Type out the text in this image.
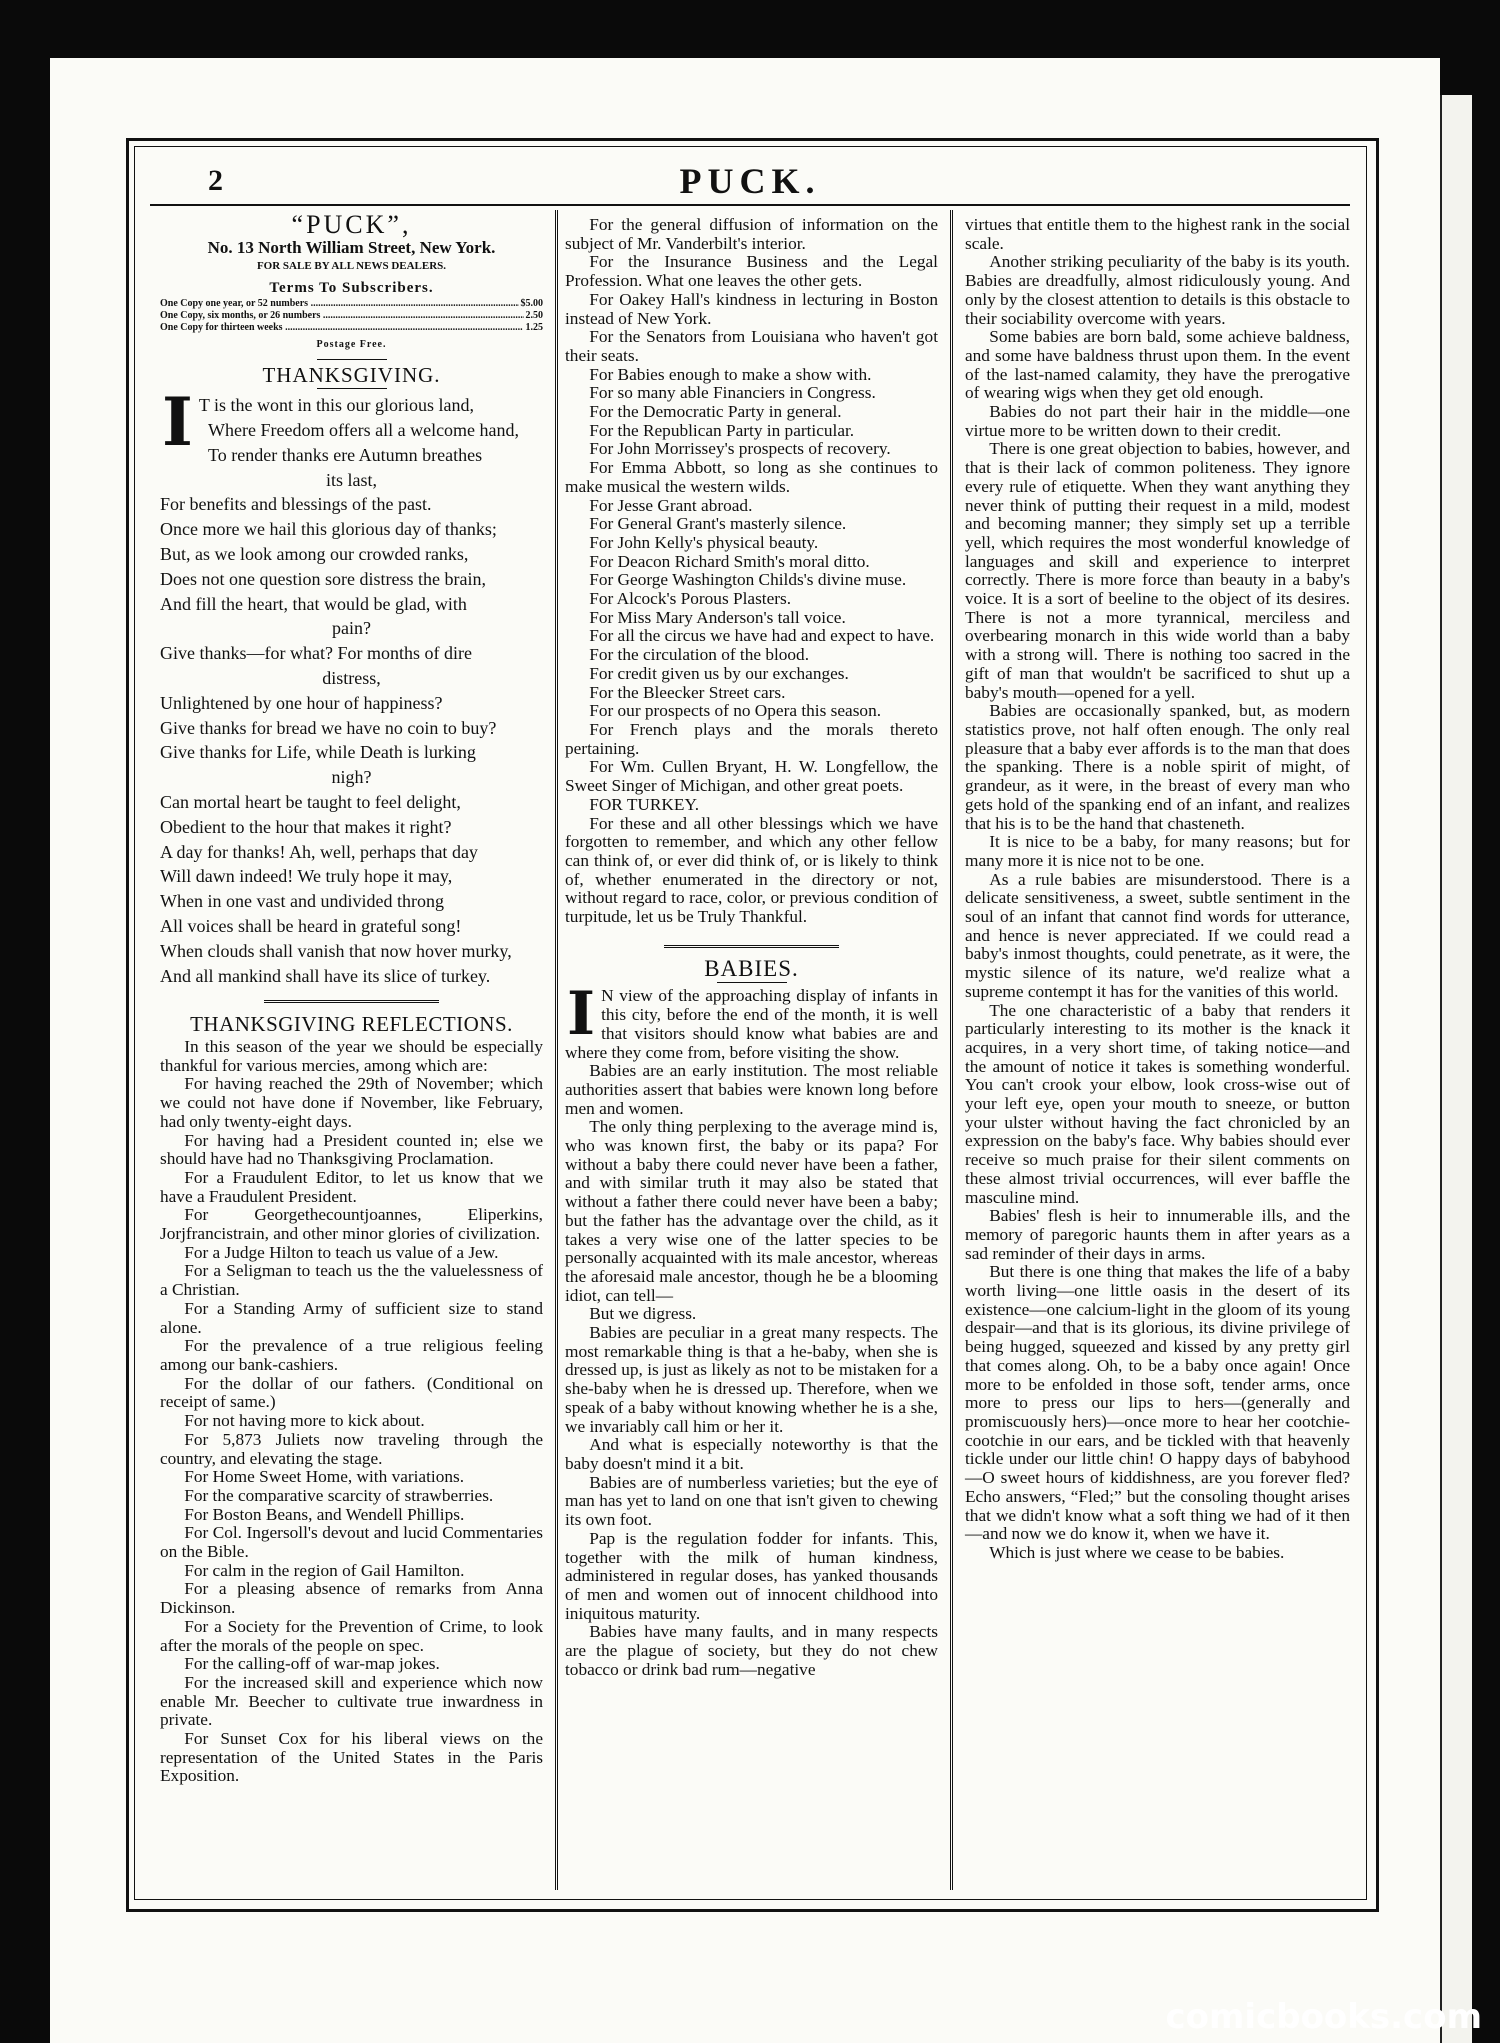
2	PUCK.
“PUCK”,
No. 13 North William Street, New York.
FOR SALE BY ALL NEWS DEALERS.
Terms To Subscribers.
One Copy one year, or 52 numbers .....	$5.00
One Copy, six months, or 26 numbers .....	2.50
One Copy for thirteen weeks .....	1.25
Postage Free.
THANKSGIVING.
I T is the wont in this our glorious land,
Where Freedom offers all a welcome hand,
To render thanks ere Autumn breathes
its last,
For benefits and blessings of the past.
Once more we hail this glorious day of thanks;
But, as we look among our crowded ranks,
Does not one question sore distress the brain,
And fill the heart, that would be glad, with
pain?
Give thanks—for what? For months of dire
distress,
Unlightened by one hour of happiness?
Give thanks for bread we have no coin to buy?
Give thanks for Life, while Death is lurking
nigh?
Can mortal heart be taught to feel delight,
Obedient to the hour that makes it right?
A day for thanks! Ah, well, perhaps that day
Will dawn indeed! We truly hope it may,
When in one vast and undivided throng
All voices shall be heard in grateful song!
When clouds shall vanish that now hover murky,
And all mankind shall have its slice of turkey.
THANKSGIVING REFLECTIONS.

In this season of the year we should be especially thankful for various mercies, among which are:

For having reached the 29th of November; which we could not have done if November, like February, had only twenty-eight days.

For having had a President counted in; else we should have had no Thanksgiving Proclamation.

For a Fraudulent Editor, to let us know that we have a Fraudulent President.

For Georgethecountjoannes, Eliperkins, Jorjfrancistrain, and other minor glories of civilization.

For a Judge Hilton to teach us value of a Jew.

For a Seligman to teach us the the valuelessness of a Christian.

For a Standing Army of sufficient size to stand alone.

For the prevalence of a true religious feeling among our bank-cashiers.

For the dollar of our fathers. (Conditional on receipt of same.)

For not having more to kick about.

For 5,873 Juliets now traveling through the country, and elevating the stage.

For Home Sweet Home, with variations.

For the comparative scarcity of strawberries.

For Boston Beans, and Wendell Phillips.

For Col. Ingersoll's devout and lucid Commentaries on the Bible.

For calm in the region of Gail Hamilton.

For a pleasing absence of remarks from Anna Dickinson.

For a Society for the Prevention of Crime, to look after the morals of the people on spec.

For the calling-off of war-map jokes.

For the increased skill and experience which now enable Mr. Beecher to cultivate true inwardness in private.

For Sunset Cox for his liberal views on the representation of the United States in the Paris Exposition.

For the general diffusion of information on the subject of Mr. Vanderbilt's interior.

For the Insurance Business and the Legal Profession. What one leaves the other gets.

For Oakey Hall's kindness in lecturing in Boston instead of New York.

For the Senators from Louisiana who haven't got their seats.

For Babies enough to make a show with.

For so many able Financiers in Congress.

For the Democratic Party in general.

For the Republican Party in particular.

For John Morrissey's prospects of recovery.

For Emma Abbott, so long as she continues to make musical the western wilds.

For Jesse Grant abroad.

For General Grant's masterly silence.

For John Kelly's physical beauty.

For Deacon Richard Smith's moral ditto.

For George Washington Childs's divine muse.

For Alcock's Porous Plasters.

For Miss Mary Anderson's tall voice.

For all the circus we have had and expect to have.

For the circulation of the blood.

For credit given us by our exchanges.

For the Bleecker Street cars.

For our prospects of no Opera this season.

For French plays and the morals thereto pertaining.

For Wm. Cullen Bryant, H. W. Longfellow, the Sweet Singer of Michigan, and other great poets.

FOR TURKEY.

For these and all other blessings which we have forgotten to remember, and which any other fellow can think of, or ever did think of, or is likely to think of, whether enumerated in the directory or not, without regard to race, color, or previous condition of turpitude, let us be Truly Thankful.

BABIES.
I N view of the approaching display of infants in this city, before the end of the month, it is well that visitors should know what babies are and where they come from, before visiting the show.

Babies are an early institution. The most reliable authorities assert that babies were known long before men and women.

The only thing perplexing to the average mind is, who was known first, the baby or its papa? For without a baby there could never have been a father, and with similar truth it may also be stated that without a father there could never have been a baby; but the father has the advantage over the child, as it takes a very wise one of the latter species to be personally acquainted with its male ancestor, whereas the aforesaid male ancestor, though he be a blooming idiot, can tell—

But we digress.

Babies are peculiar in a great many respects. The most remarkable thing is that a he-baby, when she is dressed up, is just as likely as not to be mistaken for a she-baby when he is dressed up. Therefore, when we speak of a baby without knowing whether he is a she, we invariably call him or her it.

And what is especially noteworthy is that the baby doesn't mind it a bit.

Babies are of numberless varieties; but the eye of man has yet to land on one that isn't given to chewing its own foot.

Pap is the regulation fodder for infants. This, together with the milk of human kindness, administered in regular doses, has yanked thousands of men and women out of innocent childhood into iniquitous maturity.

Babies have many faults, and in many respects are the plague of society, but they do not chew tobacco or drink bad rum—negative

virtues that entitle them to the highest rank in the social scale.

Another striking peculiarity of the baby is its youth. Babies are dreadfully, almost ridiculously young. And only by the closest attention to details is this obstacle to their sociability overcome with years.

Some babies are born bald, some achieve baldness, and some have baldness thrust upon them. In the event of the last-named calamity, they have the prerogative of wearing wigs when they get old enough.

Babies do not part their hair in the middle—one virtue more to be written down to their credit.

There is one great objection to babies, however, and that is their lack of common politeness. They ignore every rule of etiquette. When they want anything they never think of putting their request in a mild, modest and becoming manner; they simply set up a terrible yell, which requires the most wonderful knowledge of languages and skill and experience to interpret correctly. There is more force than beauty in a baby's voice. It is a sort of beeline to the object of its desires. There is not a more tyrannical, merciless and overbearing monarch in this wide world than a baby with a strong will. There is nothing too sacred in the gift of man that wouldn't be sacrificed to shut up a baby's mouth—opened for a yell.

Babies are occasionally spanked, but, as modern statistics prove, not half often enough. The only real pleasure that a baby ever affords is to the man that does the spanking. There is a noble spirit of might, of grandeur, as it were, in the breast of every man who gets hold of the spanking end of an infant, and realizes that his is to be the hand that chasteneth.

It is nice to be a baby, for many reasons; but for many more it is nice not to be one.

As a rule babies are misunderstood. There is a delicate sensitiveness, a sweet, subtle sentiment in the soul of an infant that cannot find words for utterance, and hence is never appreciated. If we could read a baby's inmost thoughts, could penetrate, as it were, the mystic silence of its nature, we'd realize what a supreme contempt it has for the vanities of this world.

The one characteristic of a baby that renders it particularly interesting to its mother is the knack it acquires, in a very short time, of taking notice—and the amount of notice it takes is something wonderful. You can't crook your elbow, look cross-wise out of your left eye, open your mouth to sneeze, or button your ulster without having the fact chronicled by an expression on the baby's face. Why babies should ever receive so much praise for their silent comments on these almost trivial occurrences, will ever baffle the masculine mind.

Babies' flesh is heir to innumerable ills, and the memory of paregoric haunts them in after years as a sad reminder of their days in arms.

But there is one thing that makes the life of a baby worth living—one little oasis in the desert of its existence—one calcium-light in the gloom of its young despair—and that is its glorious, its divine privilege of being hugged, squeezed and kissed by any pretty girl that comes along. Oh, to be a baby once again! Once more to be enfolded in those soft, tender arms, once more to press our lips to hers—(generally and promiscuously hers)—once more to hear her cootchie-cootchie in our ears, and be tickled with that heavenly tickle under our little chin! O happy days of babyhood—O sweet hours of kiddishness, are you forever fled? Echo answers, “Fled;” but the consoling thought arises that we didn't know what a soft thing we had of it then—and now we do know it, when we have it.

Which is just where we cease to be babies.

comicbooks.com
